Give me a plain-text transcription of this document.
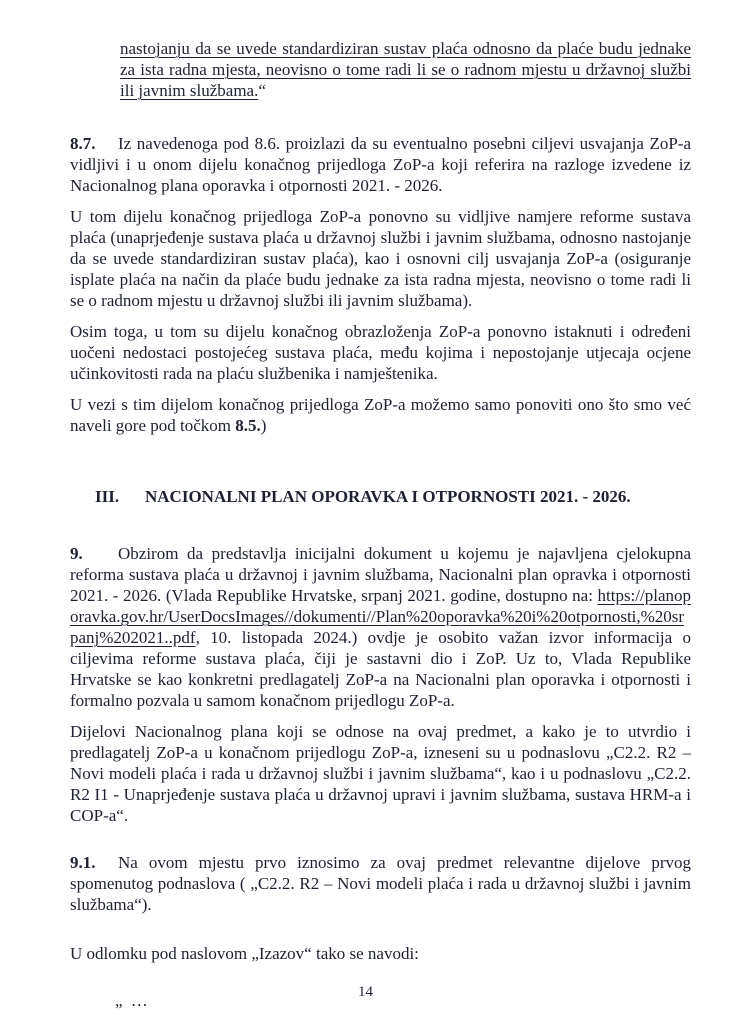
nastojanju da se uvede standardiziran sustav plaća odnosno da plaće budu jednake za ista radna mjesta, neovisno o tome radi li se o radnom mjestu u državnoj službi ili javnim službama.“
8.7. Iz navedenoga pod 8.6. proizlazi da su eventualno posebni ciljevi usvajanja ZoP-a vidljivi i u onom dijelu konačnog prijedloga ZoP-a koji referira na razloge izvedene iz Nacionalnog plana oporavka i otpornosti 2021. - 2026.
U tom dijelu konačnog prijedloga ZoP-a ponovno su vidljive namjere reforme sustava plaća (unaprjeđenje sustava plaća u državnoj službi i javnim službama, odnosno nastojanje da se uvede standardiziran sustav plaća), kao i osnovni cilj usvajanja ZoP-a (osiguranje isplate plaća na način da plaće budu jednake za ista radna mjesta, neovisno o tome radi li se o radnom mjestu u državnoj službi ili javnim službama).
Osim toga, u tom su dijelu konačnog obrazloženja ZoP-a ponovno istaknuti i određeni uočeni nedostaci postojećeg sustava plaća, među kojima i nepostojanje utjecaja ocjene učinkovitosti rada na plaću službenika i namještenika.
U vezi s tim dijelom konačnog prijedloga ZoP-a možemo samo ponoviti ono što smo već naveli gore pod točkom 8.5.)
III. NACIONALNI PLAN OPORAVKA I OTPORNOSTI 2021. - 2026.
9. Obzirom da predstavlja inicijalni dokument u kojemu je najavljena cjelokupna reforma sustava plaća u državnoj i javnim službama, Nacionalni plan opravka i otpornosti 2021. - 2026. (Vlada Republike Hrvatske, srpanj 2021. godine, dostupno na: https://planoporavka.gov.hr/UserDocsImages//dokumenti//Plan%20oporavka%20i%20otpornosti,%20srpanj%202021..pdf, 10. listopada 2024.) ovdje je osobito važan izvor informacija o ciljevima reforme sustava plaća, čiji je sastavni dio i ZoP. Uz to, Vlada Republike Hrvatske se kao konkretni predlagatelj ZoP-a na Nacionalni plan oporavka i otpornosti i formalno pozvala u samom konačnom prijedlogu ZoP-a.
Dijelovi Nacionalnog plana koji se odnose na ovaj predmet, a kako je to utvrdio i predlagatelj ZoP-a u konačnom prijedlogu ZoP-a, izneseni su u podnaslovu „C2.2. R2 – Novi modeli plaća i rada u državnoj službi i javnim službama“, kao i u podnaslovu „C2.2. R2 I1 - Unaprjeđenje sustava plaća u državnoj upravi i javnim službama, sustava HRM-a i COP-a“.
9.1. Na ovom mjestu prvo iznosimo za ovaj predmet relevantne dijelove prvog spomenutog podnaslova ( „C2.2. R2 – Novi modeli plaća i rada u državnoj službi i javnim službama“).
U odlomku pod naslovom „Izazov“ tako se navodi:
„ …	14
